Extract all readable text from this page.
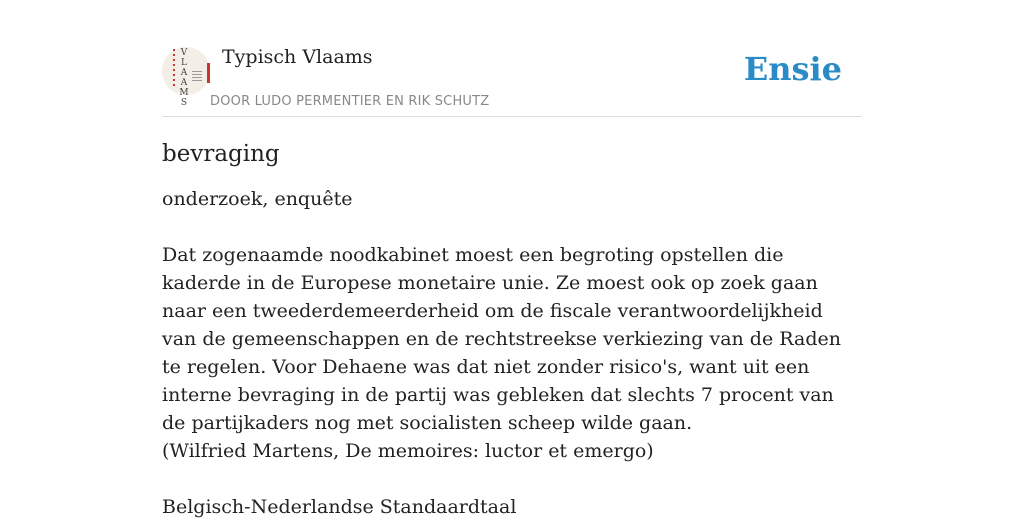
V
L
A
A
M
S
Typisch Vlaams
DOOR LUDO PERMENTIER EN RIK SCHUTZ
Ensie
bevraging

onderzoek, enquête

Dat zogenaamde noodkabinet moest een begroting opstellen die kaderde in de Europese monetaire unie. Ze moest ook op zoek gaan naar een tweederdemeerderheid om de fiscale verantwoordelijkheid van de gemeenschappen en de rechtstreekse verkiezing van de Raden te regelen. Voor Dehaene was dat niet zonder risico's, want uit een interne bevraging in de partij was gebleken dat slechts 7 procent van de partijkaders nog met socialisten scheep wilde gaan.

(Wilfried Martens, De memoires: luctor et emergo)

Belgisch-Nederlandse Standaardtaal
